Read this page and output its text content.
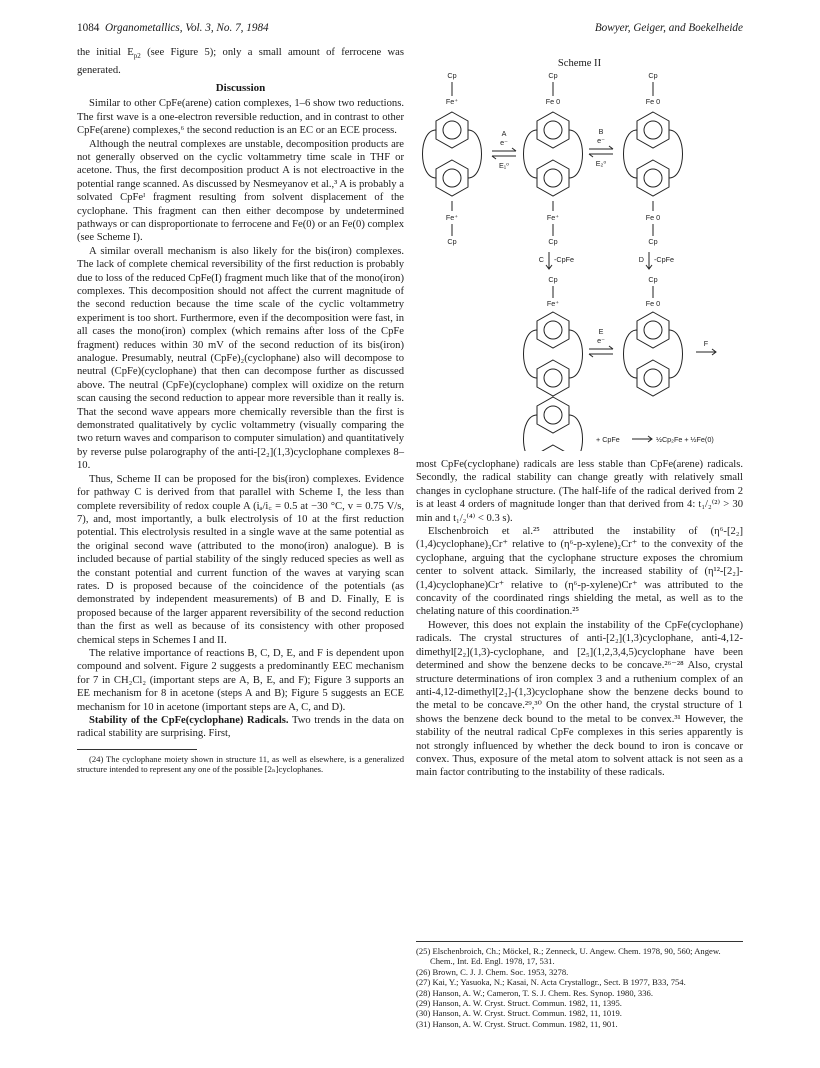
1084 Organometallics, Vol. 3, No. 7, 1984	Bowyer, Geiger, and Boekelheide

the initial $E_{p2}$ (see Figure 5); only a small amount of ferrocene was generated.

Discussion

Similar to other CpFe(arene) cation complexes, 1–6 show two reductions. The first wave is a one-electron reversible reduction, and in contrast to other CpFe(arene) complexes,⁶ the second reduction is an EC or an ECE process.

Although the neutral complexes are unstable, decomposition products are not generally observed on the cyclic voltammetry time scale in THF or acetone. Thus, the first decomposition product A is not electroactive in the potential range scanned. As discussed by Nesmeyanov et al.,³ A is probably a solvated CpFeᴵ fragment resulting from solvent displacement of the cyclophane. This fragment can then either decompose by undetermined pathways or can disproportionate to ferrocene and Fe(0) or an Fe(0) complex (see Scheme I).

A similar overall mechanism is also likely for the bis(iron) complexes. The lack of complete chemical reversibility of the first reduction is probably due to loss of the reduced CpFe(I) fragment much like that of the mono(iron) complexes. This decomposition should not affect the current magnitude of the second reduction because the time scale of the cyclic voltammetry experiment is too short. Furthermore, even if the decomposition were fast, in all cases the mono(iron) complex (which remains after loss of the CpFe fragment) reduces within 30 mV of the second reduction of its bis(iron) analogue. Presumably, neutral (CpFe)₂(cyclophane) also will decompose to neutral (CpFe)(cyclophane) that then can decompose further as discussed above. The neutral (CpFe)(cyclophane) complex will oxidize on the return scan causing the second reduction to appear more reversible than it really is. That the second wave appears more chemically reversible than the first is demonstrated qualitatively by cyclic voltammetry (visually comparing the two return waves and comparison to computer simulation) and quantitatively by reverse pulse polarography of the anti-[2₂](1,3)cyclophane complexes 8–10.

Thus, Scheme II can be proposed for the bis(iron) complexes. Evidence for pathway C is derived from that parallel with Scheme I, the less than complete reversibility of redox couple A (iₐ/i꜀ = 0.5 at −30 °C, v = 0.75 V/s, 7), and, most importantly, a bulk electrolysis of 10 at the first reduction potential. This electrolysis resulted in a single wave at the same potential as the original second wave (attributed to the mono(iron) analogue). B is included because of partial stability of the singly reduced species as well as the constant potential and current function of the waves at varying scan rates. D is proposed because of the coincidence of the potentials (as demonstrated by independent measurements) of B and D. Finally, E is proposed because of the larger apparent reversibility of the second reduction than the first as well as because of its consistency with other proposed chemical steps in Schemes I and II.

The relative importance of reactions B, C, D, E, and F is dependent upon compound and solvent. Figure 2 suggests a predominantly EEC mechanism for 7 in CH₂Cl₂ (important steps are A, B, E, and F); Figure 3 supports an EE mechanism for 8 in acetone (steps A and B); Figure 5 suggests an ECE mechanism for 10 in acetone (important steps are A, C, and D).

Stability of the CpFe(cyclophane) Radicals. Two trends in the data on radical stability are surprising. First,

(24) The cyclophane moiety shown in structure 11, as well as elsewhere, is a generalized structure intended to represent any one of the possible [2ₙ]cyclophanes.

Scheme II
Cp
Fe⁺
Fe⁺
Cp
A
e⁻
E₁⁰
Cp
Fe 0
Fe⁺
Cp
B
e⁻
E₂⁰
Cp
Fe 0
Fe 0
Cp
C -CpFe	D -CpFe
Cp
Fe⁺
E
e⁻
Cp
Fe 0
F
+ CpFe	½Cp₂Fe + ½Fe(0)

most CpFe(cyclophane) radicals are less stable than CpFe(arene) radicals. Secondly, the radical stability can change greatly with relatively small changes in cyclophane structure. (The half-life of the radical derived from 2 is at least 4 orders of magnitude longer than that derived from 4: t₁/₂⁽²⁾ > 30 min and t₁/₂⁽⁴⁾ < 0.3 s).

Elschenbroich et al.²⁵ attributed the instability of (η⁶-[2₂](1,4)cyclophane)₂Cr⁺ relative to (η⁶-p-xylene)₂Cr⁺ to the convexity of the cyclophane, arguing that the cyclophane structure exposes the chromium center to solvent attack. Similarly, the increased stability of (η¹²-[2₂]-(1,4)cyclophane)Cr⁺ relative to (η⁶-p-xylene)Cr⁺ was attributed to the concavity of the coordinated rings shielding the metal, as well as to the chelating nature of this coordination.²⁵

However, this does not explain the instability of the CpFe(cyclophane) radicals. The crystal structures of anti-[2₂](1,3)cyclophane, anti-4,12-dimethyl[2₂](1,3)-cyclophane, and [2₅](1,2,3,4,5)cyclophane have been determined and show the benzene decks to be concave.²⁶⁻²⁸ Also, crystal structure determinations of iron complex 3 and a ruthenium complex of an anti-4,12-dimethyl[2₂]-(1,3)cyclophane show the benzene decks bound to the metal to be concave.²⁹,³⁰ On the other hand, the crystal structure of 1 shows the benzene deck bound to the metal to be convex.³¹ However, the stability of the neutral radical CpFe complexes in this series apparently is not strongly influenced by whether the deck bound to iron is concave or convex. Thus, exposure of the metal atom to solvent attack is not seen as a main factor contributing to the instability of these radicals.

(25) Elschenbroich, Ch.; Möckel, R.; Zenneck, U. Angew. Chem. 1978, 90, 560; Angew. Chem., Int. Ed. Engl. 1978, 17, 531.

(26) Brown, C. J. J. Chem. Soc. 1953, 3278.

(27) Kai, Y.; Yasuoka, N.; Kasai, N. Acta Crystallogr., Sect. B 1977, B33, 754.

(28) Hanson, A. W.; Cameron, T. S. J. Chem. Res. Synop. 1980, 336.

(29) Hanson, A. W. Cryst. Struct. Commun. 1982, 11, 1395.

(30) Hanson, A. W. Cryst. Struct. Commun. 1982, 11, 1019.

(31) Hanson, A. W. Cryst. Struct. Commun. 1982, 11, 901.
